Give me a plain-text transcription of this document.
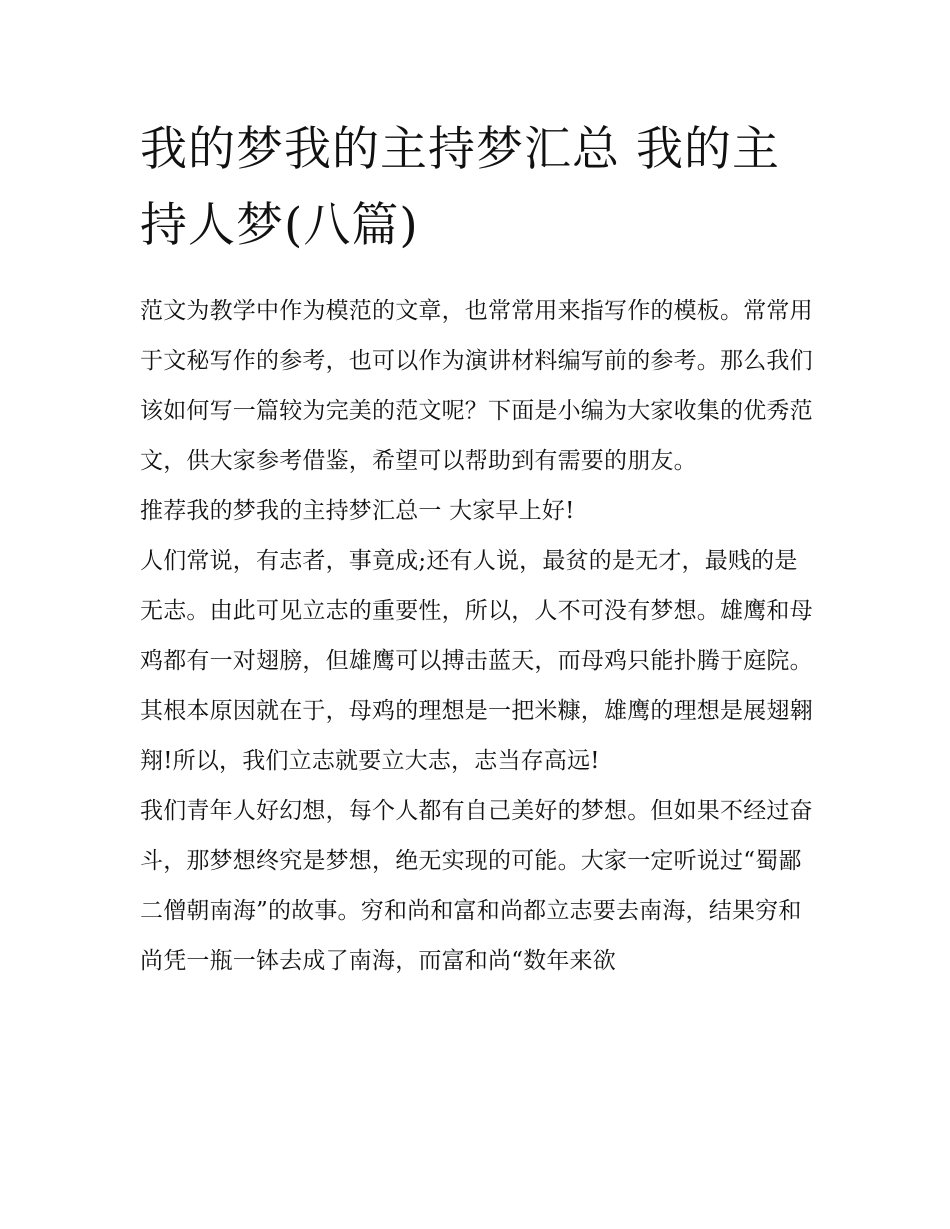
我的梦我的主持梦汇总 我的主持人梦(八篇)

范文为教学中作为模范的文章，也常常用来指写作的模板。常常用于文秘写作的参考，也可以作为演讲材料编写前的参考。那么我们该如何写一篇较为完美的范文呢？下面是小编为大家收集的优秀范文，供大家参考借鉴，希望可以帮助到有需要的朋友。

推荐我的梦我的主持梦汇总一 大家早上好!

人们常说，有志者，事竟成;还有人说，最贫的是无才，最贱的是无志。由此可见立志的重要性，所以，人不可没有梦想。雄鹰和母鸡都有一对翅膀，但雄鹰可以搏击蓝天，而母鸡只能扑腾于庭院。其根本原因就在于，母鸡的理想是一把米糠，雄鹰的理想是展翅翱翔!所以，我们立志就要立大志，志当存高远!

我们青年人好幻想，每个人都有自己美好的梦想。但如果不经过奋斗，那梦想终究是梦想，绝无实现的可能。大家一定听说过“蜀鄙二僧朝南海”的故事。穷和尚和富和尚都立志要去南海，结果穷和尚凭一瓶一钵去成了南海，而富和尚“数年来欲
